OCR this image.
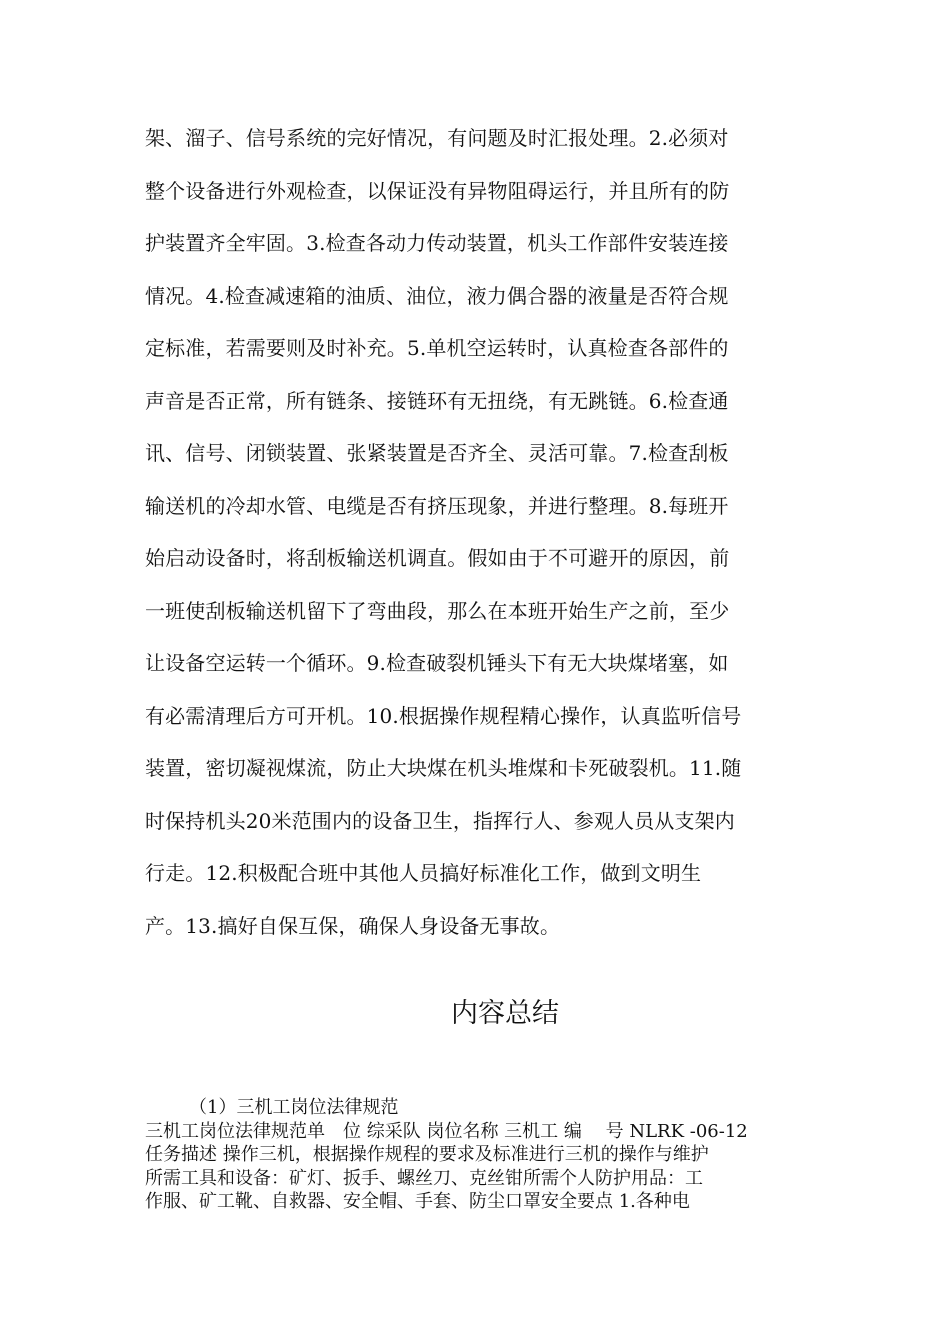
架、溜子、信号系统的完好情况，有问题及时汇报处理。2.必须对
整个设备进行外观检查，以保证没有异物阻碍运行，并且所有的防
护装置齐全牢固。3.检查各动力传动装置，机头工作部件安装连接
情况。4.检查减速箱的油质、油位，液力偶合器的液量是否符合规
定标准，若需要则及时补充。5.单机空运转时，认真检查各部件的
声音是否正常，所有链条、接链环有无扭绕，有无跳链。6.检查通
讯、信号、闭锁装置、张紧装置是否齐全、灵活可靠。7.检查刮板
输送机的冷却水管、电缆是否有挤压现象，并进行整理。8.每班开
始启动设备时，将刮板输送机调直。假如由于不可避开的原因，前
一班使刮板输送机留下了弯曲段，那么在本班开始生产之前，至少
让设备空运转一个循环。9.检查破裂机锤头下有无大块煤堵塞，如
有必需清理后方可开机。10.根据操作规程精心操作，认真监听信号
装置，密切凝视煤流，防止大块煤在机头堆煤和卡死破裂机。11.随
时保持机头20米范围内的设备卫生，指挥行人、参观人员从支架内
行走。12.积极配合班中其他人员搞好标准化工作，做到文明生
产。13.搞好自保互保，确保人身设备无事故。
内容总结
（1）三机工岗位法律规范
三机工岗位法律规范单　位 综采队 岗位名称 三机工 编　 号 NLRK -06-12
任务描述 操作三机，根据操作规程的要求及标准进行三机的操作与维护
所需工具和设备：矿灯、扳手、螺丝刀、克丝钳所需个人防护用品：工
作服、矿工靴、自救器、安全帽、手套、防尘口罩安全要点 1.各种电
